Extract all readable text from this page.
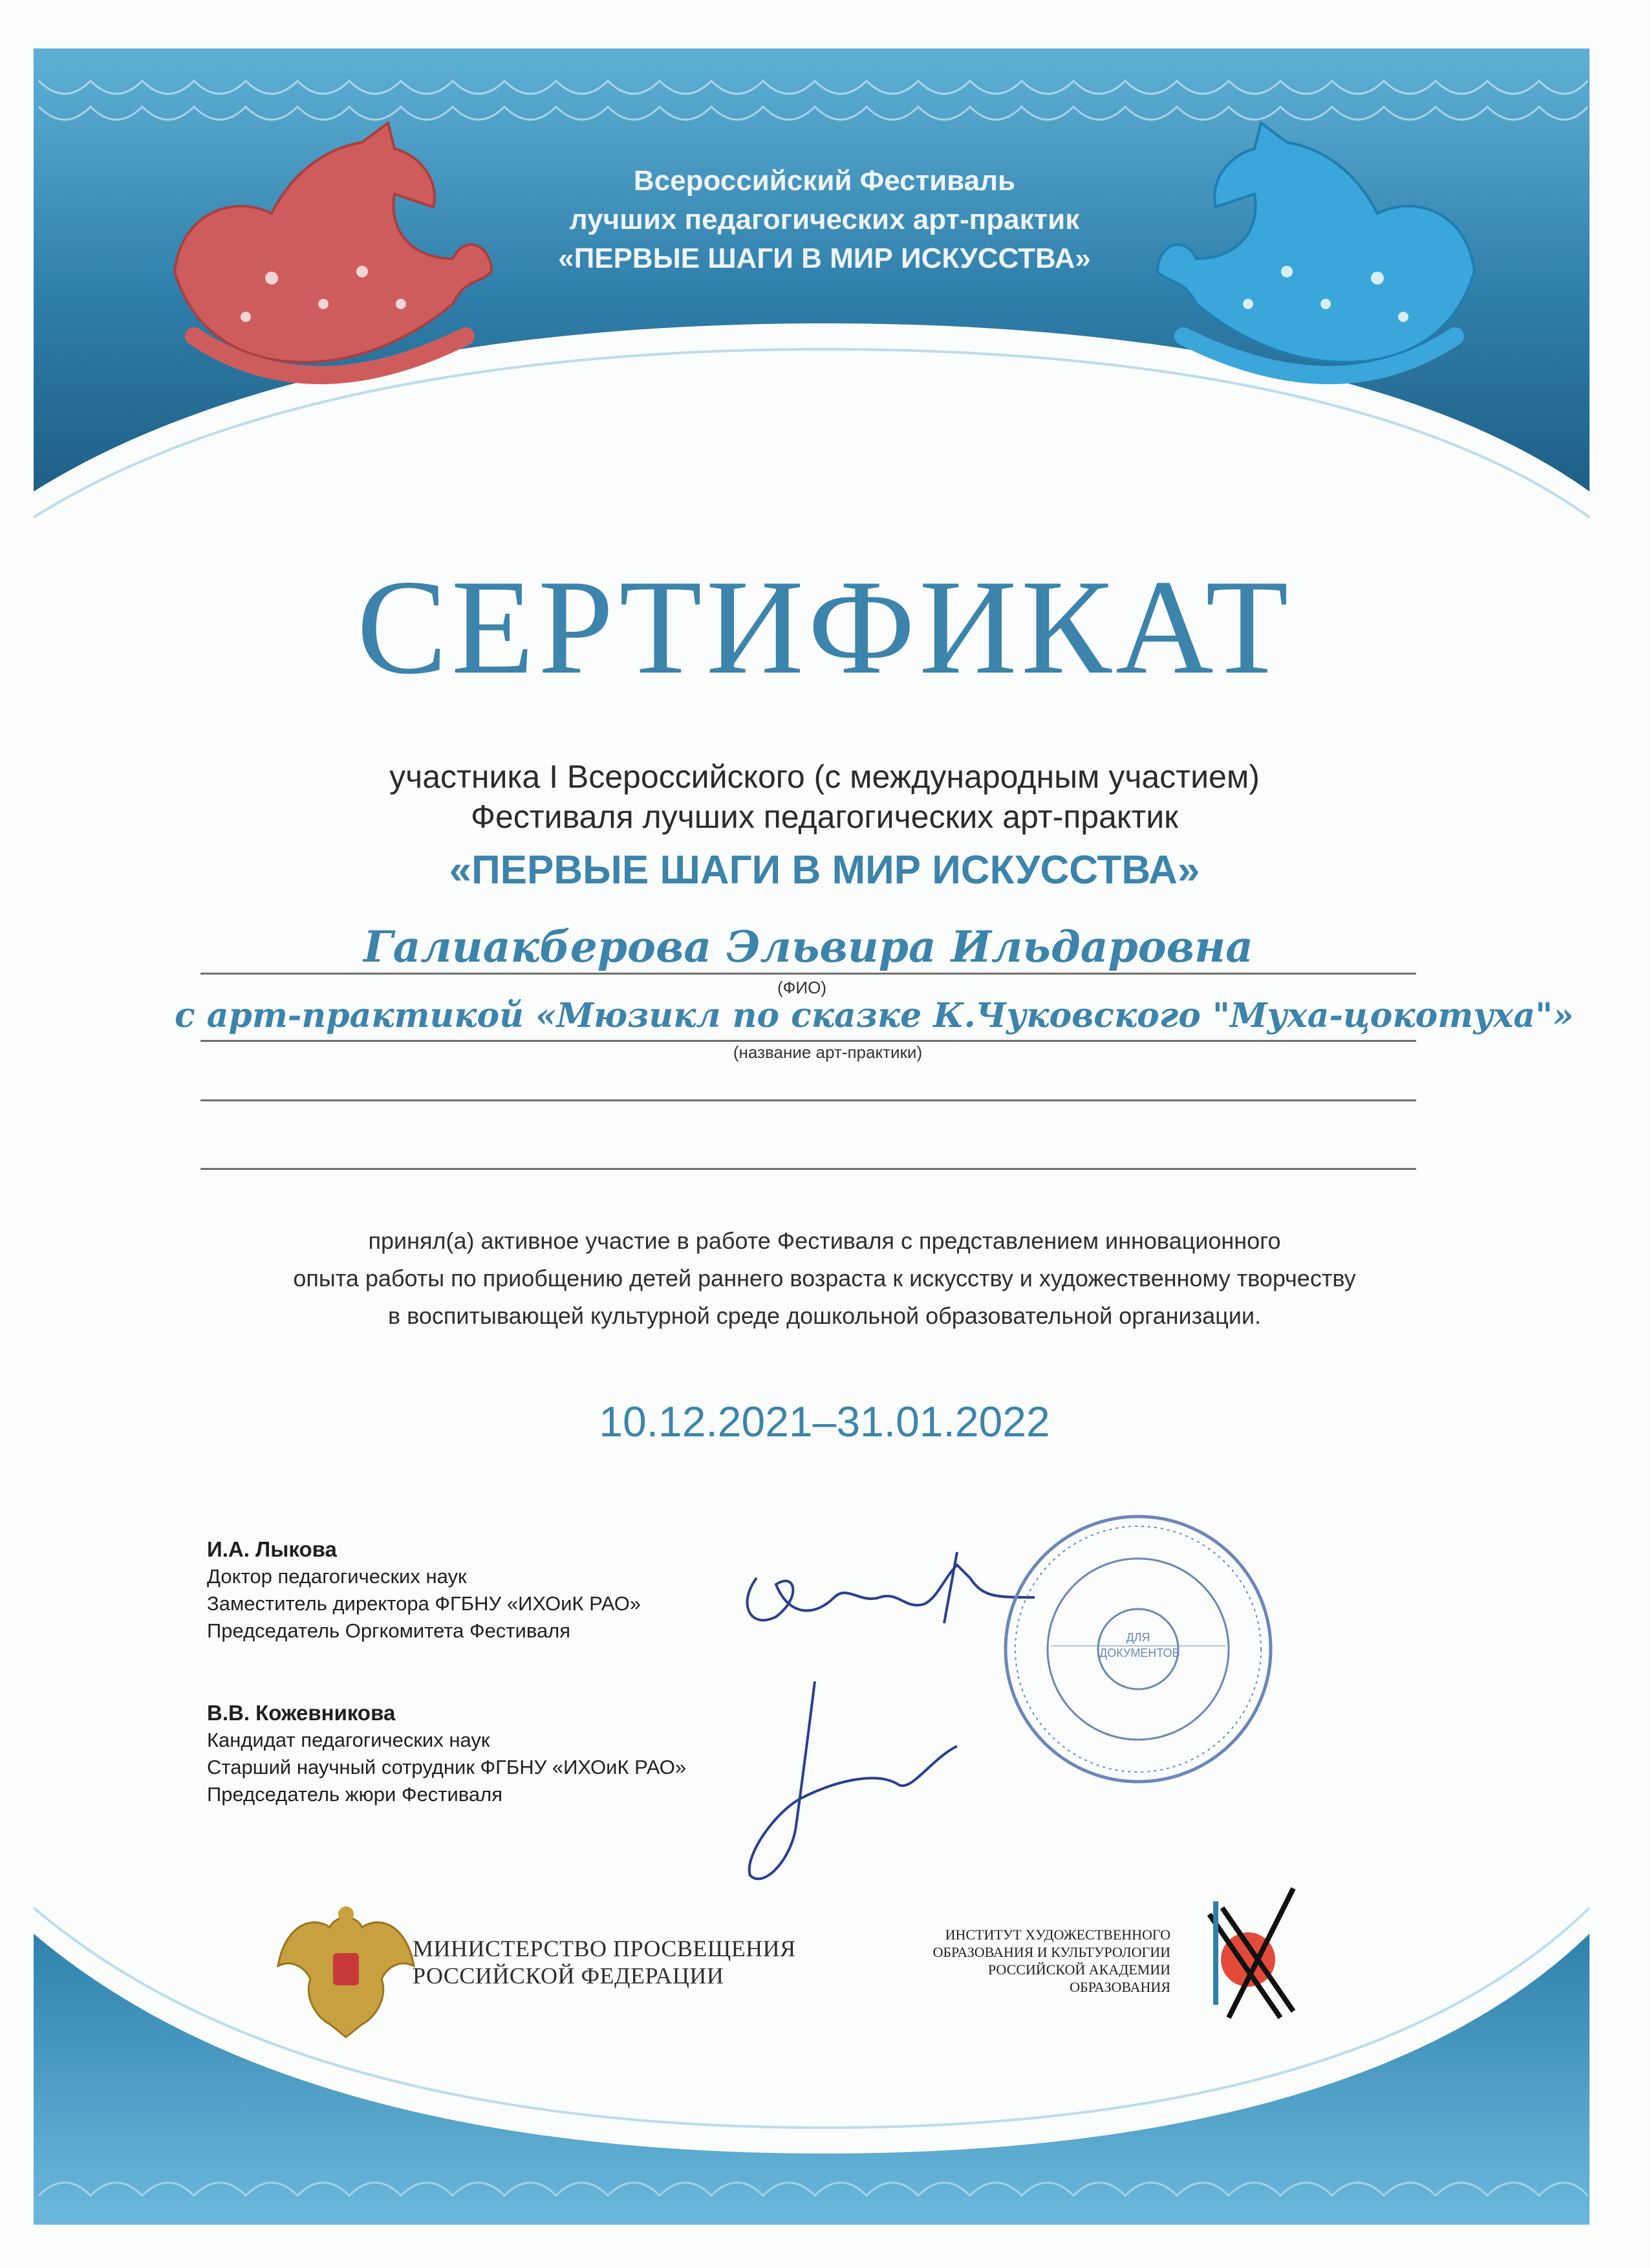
Всероссийский Фестиваль
лучших педагогических арт-практик
«ПЕРВЫЕ ШАГИ В МИР ИСКУССТВА»
СЕРТИФИКАТ
участника I Всероссийского (с международным участием)
Фестиваля лучших педагогических арт-практик
«ПЕРВЫЕ ШАГИ В МИР ИСКУССТВА»
Галиакберова Эльвира Ильдаровна
(ФИО)
с арт-практикой «Мюзикл по сказке К.Чуковского "Муха-цокотуха"»
(название арт-практики)
принял(а) активное участие в работе Фестиваля с представлением инновационного
опыта работы по приобщению детей раннего возраста к искусству и художественному творчеству
в воспитывающей культурной среде дошкольной образовательной организации.
10.12.2021–31.01.2022
И.А. Лыкова
Доктор педагогических наук
Заместитель директора ФГБНУ «ИХОиК РАО»
Председатель Оргкомитета Фестиваля
В.В. Кожевникова
Кандидат педагогических наук
Старший научный сотрудник ФГБНУ «ИХОиК РАО»
Председатель жюри Фестиваля
ДЛЯ
ДОКУМЕНТОВ
МИНИСТЕРСТВО ПРОСВЕЩЕНИЯ
РОССИЙСКОЙ ФЕДЕРАЦИИ
ИНСТИТУТ ХУДОЖЕСТВЕННОГО
ОБРАЗОВАНИЯ И КУЛЬТУРОЛОГИИ
РОССИЙСКОЙ АКАДЕМИИ
ОБРАЗОВАНИЯ
